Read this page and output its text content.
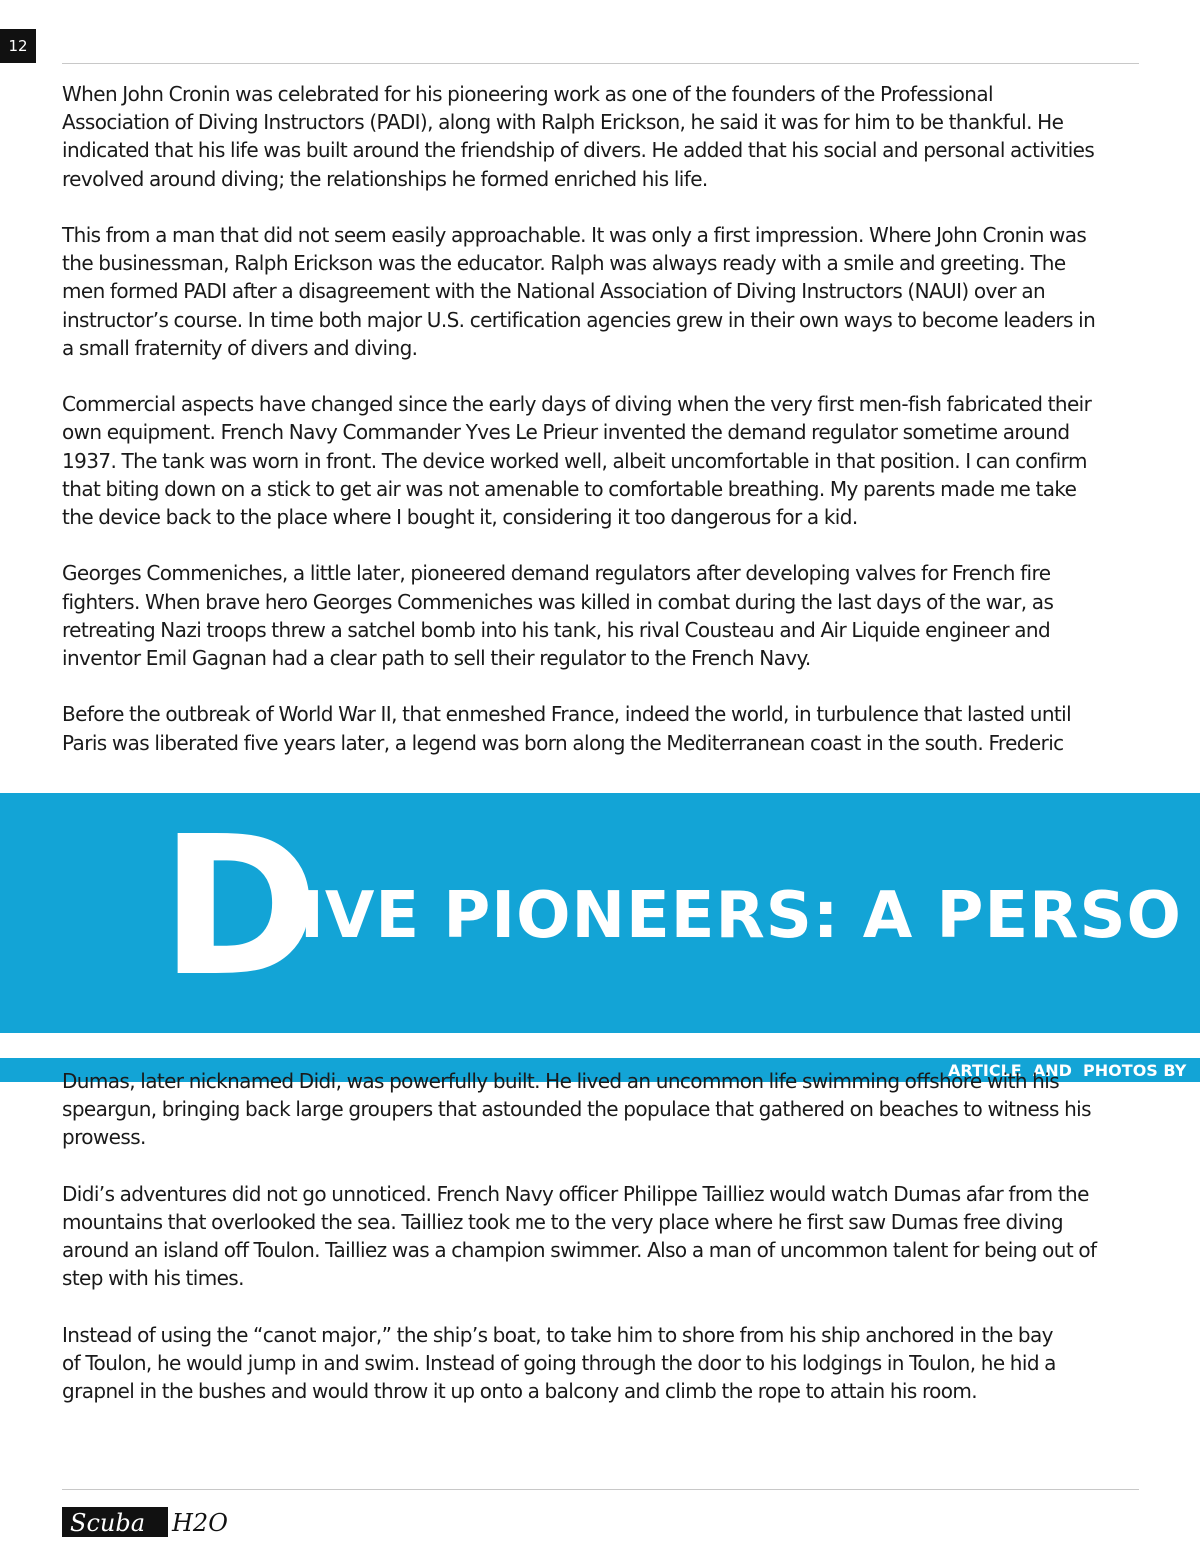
12

When John Cronin was celebrated for his pioneering work as one of the founders of the Professional
Association of Diving Instructors (PADI), along with Ralph Erickson, he said it was for him to be thankful. He
indicated that his life was built around the friendship of divers. He added that his social and personal activities
revolved around diving; the relationships he formed enriched his life.

This from a man that did not seem easily approachable. It was only a first impression. Where John Cronin was
the businessman, Ralph Erickson was the educator. Ralph was always ready with a smile and greeting. The
men formed PADI after a disagreement with the National Association of Diving Instructors (NAUI) over an
instructor’s course. In time both major U.S. certification agencies grew in their own ways to become leaders in
a small fraternity of divers and diving.

Commercial aspects have changed since the early days of diving when the very first men-fish fabricated their
own equipment. French Navy Commander Yves Le Prieur invented the demand regulator sometime around
1937. The tank was worn in front. The device worked well, albeit uncomfortable in that position. I can confirm
that biting down on a stick to get air was not amenable to comfortable breathing. My parents made me take
the device back to the place where I bought it, considering it too dangerous for a kid.

Georges Commeniches, a little later, pioneered demand regulators after developing valves for French fire
fighters. When brave hero Georges Commeniches was killed in combat during the last days of the war, as
retreating Nazi troops threw a satchel bomb into his tank, his rival Cousteau and Air Liquide engineer and
inventor Emil Gagnan had a clear path to sell their regulator to the French Navy.

Before the outbreak of World War II, that enmeshed France, indeed the world, in turbulence that lasted until
Paris was liberated five years later, a legend was born along the Mediterranean coast in the south. Frederic

D
IVE PIONEERS: A PERSO
ARTICLE  AND  PHOTOS BY

Dumas, later nicknamed Didi, was powerfully built. He lived an uncommon life swimming offshore with his
speargun, bringing back large groupers that astounded the populace that gathered on beaches to witness his
prowess.

Didi’s adventures did not go unnoticed. French Navy officer Philippe Tailliez would watch Dumas afar from the
mountains that overlooked the sea. Tailliez took me to the very place where he first saw Dumas free diving
around an island off Toulon. Tailliez was a champion swimmer. Also a man of uncommon talent for being out of
step with his times.

Instead of using the “canot major,” the ship’s boat, to take him to shore from his ship anchored in the bay
of Toulon, he would jump in and swim. Instead of going through the door to his lodgings in Toulon, he hid a
grapnel in the bushes and would throw it up onto a balcony and climb the rope to attain his room.

Scuba H2O
